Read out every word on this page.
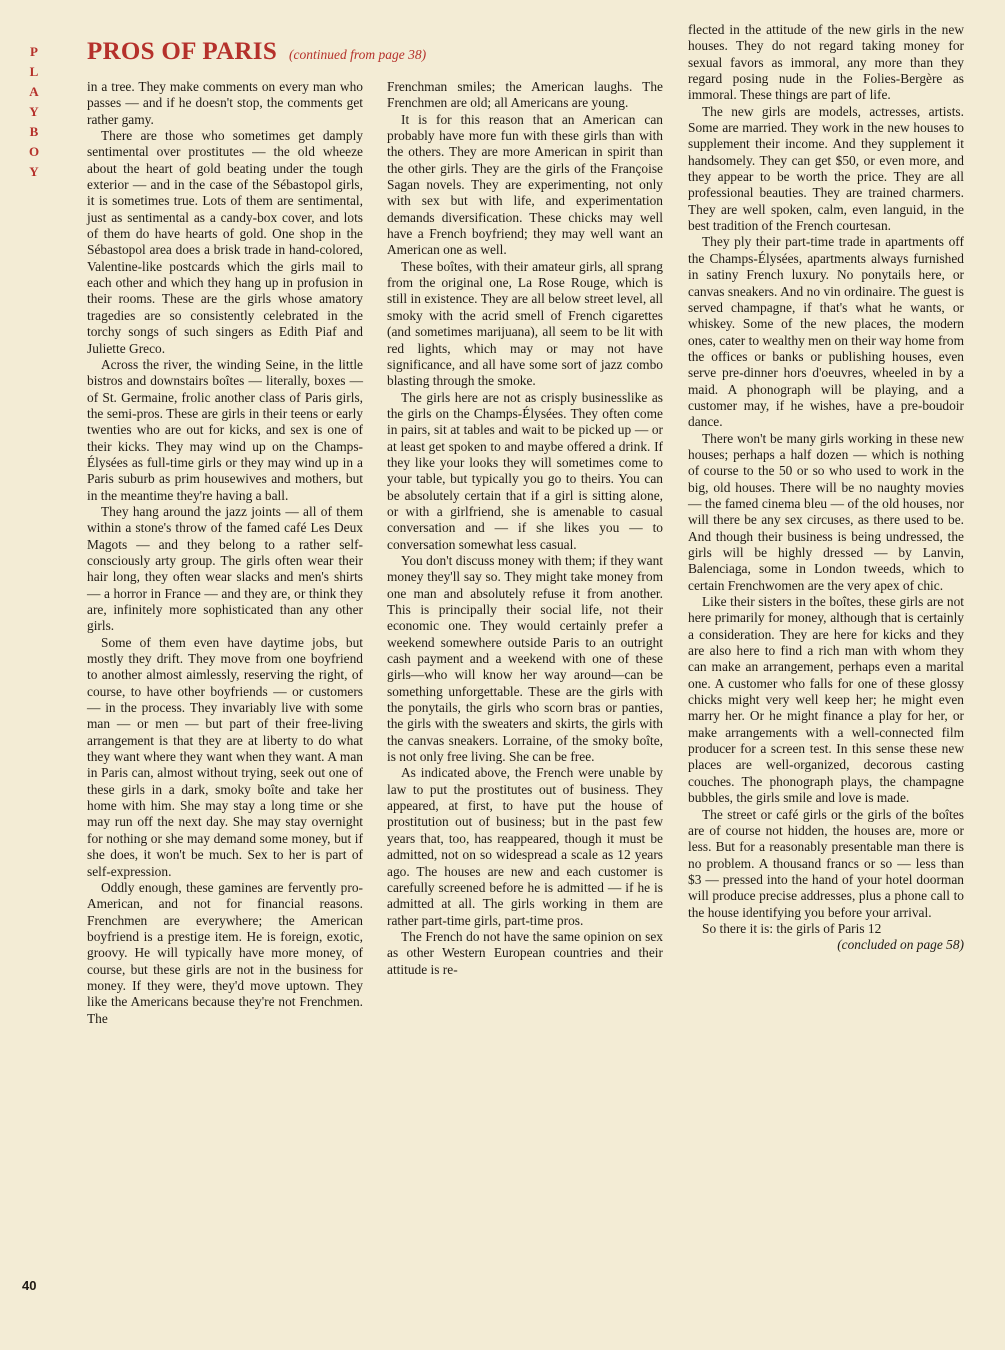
P
L
A
Y
B
O
Y
PROS OF PARIS (continued from page 38)

in a tree. They make comments on every man who passes — and if he doesn't stop, the comments get rather gamy.

There are those who sometimes get damply sentimental over prostitutes — the old wheeze about the heart of gold beating under the tough exterior — and in the case of the Sébastopol girls, it is sometimes true. Lots of them are sentimental, just as sentimental as a candy-box cover, and lots of them do have hearts of gold. One shop in the Sébastopol area does a brisk trade in hand-colored, Valentine-like postcards which the girls mail to each other and which they hang up in profusion in their rooms. These are the girls whose amatory tragedies are so consistently celebrated in the torchy songs of such singers as Edith Piaf and Juliette Greco.

Across the river, the winding Seine, in the little bistros and downstairs boîtes — literally, boxes — of St. Germaine, frolic another class of Paris girls, the semi-pros. These are girls in their teens or early twenties who are out for kicks, and sex is one of their kicks. They may wind up on the Champs-Élysées as full-time girls or they may wind up in a Paris suburb as prim housewives and mothers, but in the meantime they're having a ball.

They hang around the jazz joints — all of them within a stone's throw of the famed café Les Deux Magots — and they belong to a rather self-consciously arty group. The girls often wear their hair long, they often wear slacks and men's shirts — a horror in France — and they are, or think they are, infinitely more sophisticated than any other girls.

Some of them even have daytime jobs, but mostly they drift. They move from one boyfriend to another almost aimlessly, reserving the right, of course, to have other boyfriends — or customers — in the process. They invariably live with some man — or men — but part of their free-living arrangement is that they are at liberty to do what they want where they want when they want. A man in Paris can, almost without trying, seek out one of these girls in a dark, smoky boîte and take her home with him. She may stay a long time or she may run off the next day. She may stay overnight for nothing or she may demand some money, but if she does, it won't be much. Sex to her is part of self-expression.

Oddly enough, these gamines are fervently pro-American, and not for financial reasons. Frenchmen are everywhere; the American boyfriend is a prestige item. He is foreign, exotic, groovy. He will typically have more money, of course, but these girls are not in the business for money. If they were, they'd move uptown. They like the Americans because they're not Frenchmen. The

Frenchman smiles; the American laughs. The Frenchmen are old; all Americans are young.

It is for this reason that an American can probably have more fun with these girls than with the others. They are more American in spirit than the other girls. They are the girls of the Françoise Sagan novels. They are experimenting, not only with sex but with life, and experimentation demands diversification. These chicks may well have a French boyfriend; they may well want an American one as well.

These boîtes, with their amateur girls, all sprang from the original one, La Rose Rouge, which is still in existence. They are all below street level, all smoky with the acrid smell of French cigarettes (and sometimes marijuana), all seem to be lit with red lights, which may or may not have significance, and all have some sort of jazz combo blasting through the smoke.

The girls here are not as crisply businesslike as the girls on the Champs-Élysées. They often come in pairs, sit at tables and wait to be picked up — or at least get spoken to and maybe offered a drink. If they like your looks they will sometimes come to your table, but typically you go to theirs. You can be absolutely certain that if a girl is sitting alone, or with a girlfriend, she is amenable to casual conversation and — if she likes you — to conversation somewhat less casual.

You don't discuss money with them; if they want money they'll say so. They might take money from one man and absolutely refuse it from another. This is principally their social life, not their economic one. They would certainly prefer a weekend somewhere outside Paris to an outright cash payment and a weekend with one of these girls—who will know her way around—can be something unforgettable. These are the girls with the ponytails, the girls who scorn bras or panties, the girls with the sweaters and skirts, the girls with the canvas sneakers. Lorraine, of the smoky boîte, is not only free living. She can be free.

As indicated above, the French were unable by law to put the prostitutes out of business. They appeared, at first, to have put the house of prostitution out of business; but in the past few years that, too, has reappeared, though it must be admitted, not on so widespread a scale as 12 years ago. The houses are new and each customer is carefully screened before he is admitted — if he is admitted at all. The girls working in them are rather part-time girls, part-time pros.

The French do not have the same opinion on sex as other Western European countries and their attitude is re-

flected in the attitude of the new girls in the new houses. They do not regard taking money for sexual favors as immoral, any more than they regard posing nude in the Folies-Bergère as immoral. These things are part of life.

The new girls are models, actresses, artists. Some are married. They work in the new houses to supplement their income. And they supplement it handsomely. They can get $50, or even more, and they appear to be worth the price. They are all professional beauties. They are trained charmers. They are well spoken, calm, even languid, in the best tradition of the French courtesan.

They ply their part-time trade in apartments off the Champs-Élysées, apartments always furnished in satiny French luxury. No ponytails here, or canvas sneakers. And no vin ordinaire. The guest is served champagne, if that's what he wants, or whiskey. Some of the new places, the modern ones, cater to wealthy men on their way home from the offices or banks or publishing houses, even serve pre-dinner hors d'oeuvres, wheeled in by a maid. A phonograph will be playing, and a customer may, if he wishes, have a pre-boudoir dance.

There won't be many girls working in these new houses; perhaps a half dozen — which is nothing of course to the 50 or so who used to work in the big, old houses. There will be no naughty movies — the famed cinema bleu — of the old houses, nor will there be any sex circuses, as there used to be. And though their business is being undressed, the girls will be highly dressed — by Lanvin, Balenciaga, some in London tweeds, which to certain Frenchwomen are the very apex of chic.

Like their sisters in the boîtes, these girls are not here primarily for money, although that is certainly a consideration. They are here for kicks and they are also here to find a rich man with whom they can make an arrangement, perhaps even a marital one. A customer who falls for one of these glossy chicks might very well keep her; he might even marry her. Or he might finance a play for her, or make arrangements with a well-connected film producer for a screen test. In this sense these new places are well-organized, decorous casting couches. The phonograph plays, the champagne bubbles, the girls smile and love is made.

The street or café girls or the girls of the boîtes are of course not hidden, the houses are, more or less. But for a reasonably presentable man there is no problem. A thousand francs or so — less than $3 — pressed into the hand of your hotel doorman will produce precise addresses, plus a phone call to the house identifying you before your arrival.

So there it is: the girls of Paris 12

(concluded on page 58)

40
